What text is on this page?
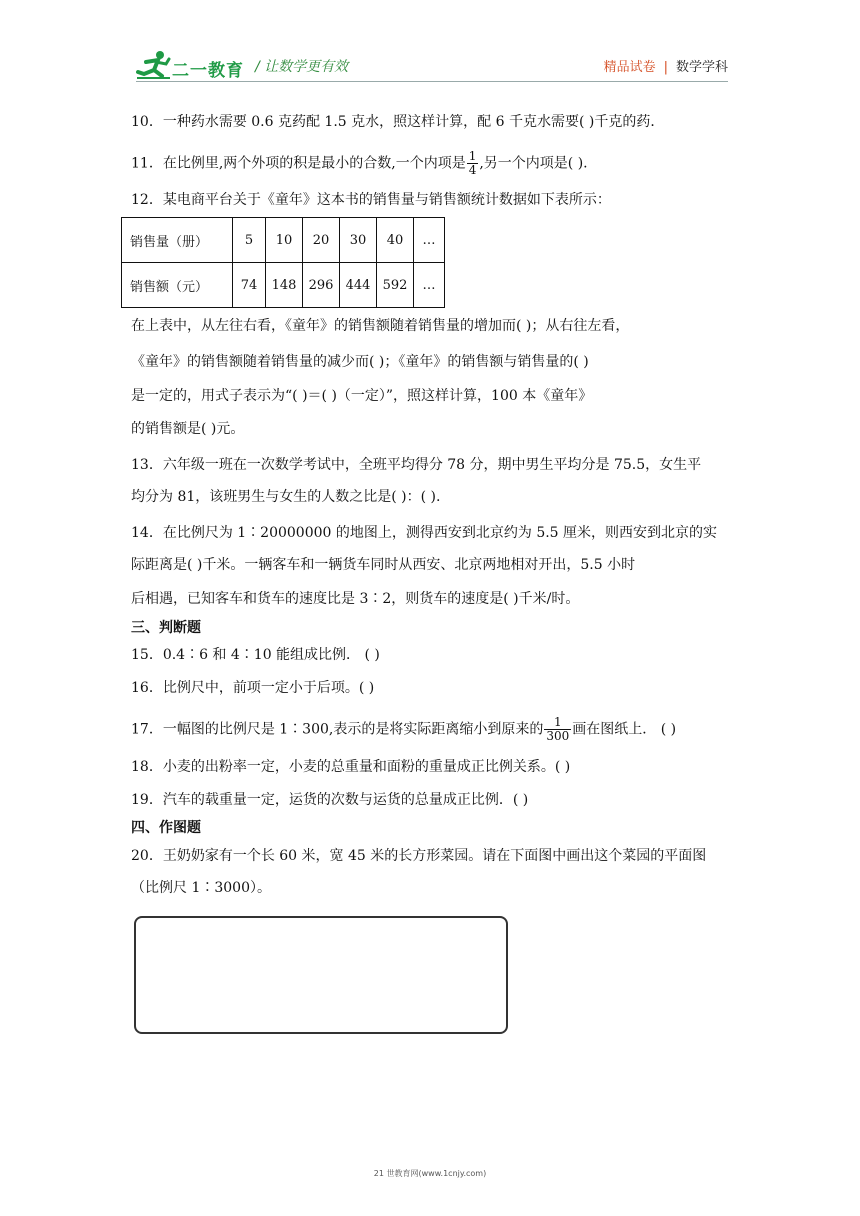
二一教育 / 让数学更有效	精品试卷 | 数学学科
10．一种药水需要 0.6 克药配 1.5 克水，照这样计算，配 6 千克水需要( )千克的药．
11．在比例里,两个外项的积是最小的合数,一个内项是 $\frac{1}{4}$ ,另一个内项是( ).
12．某电商平台关于《童年》这本书的销售量与销售额统计数据如下表所示：
销售量（册）	5	10	20	30	40	…
销售额（元）	74	148	296	444	592	…
在上表中，从左往右看，《童年》的销售额随着销售量的增加而( )；从右往左看，
《童年》的销售额随着销售量的减少而( )；《童年》的销售额与销售量的( )
是一定的，用式子表示为“( )＝( )（一定）”，照这样计算，100 本《童年》
的销售额是( )元。
13．六年级一班在一次数学考试中，全班平均得分 78 分，期中男生平均分是 75.5，女生平
均分为 81，该班男生与女生的人数之比是( )：( ).
14．在比例尺为 1∶20000000 的地图上，测得西安到北京约为 5.5 厘米，则西安到北京的实
际距离是( )千米。一辆客车和一辆货车同时从西安、北京两地相对开出，5.5 小时
后相遇，已知客车和货车的速度比是 3∶2，则货车的速度是( )千米/时。
三、判断题
15．0.4∶6 和 4∶10 能组成比例． ( )
16．比例尺中，前项一定小于后项。( )
17．一幅图的比例尺是 1∶300,表示的是将实际距离缩小到原来的 $\frac{1}{300}$ 画在图纸上． ( )
18．小麦的出粉率一定，小麦的总重量和面粉的重量成正比例关系。( )
19．汽车的载重量一定，运货的次数与运货的总量成正比例．( )
四、作图题
20．王奶奶家有一个长 60 米，宽 45 米的长方形菜园。请在下面图中画出这个菜园的平面图
（比例尺 1∶3000）。
21 世教育网(www.1cnjy.com)
